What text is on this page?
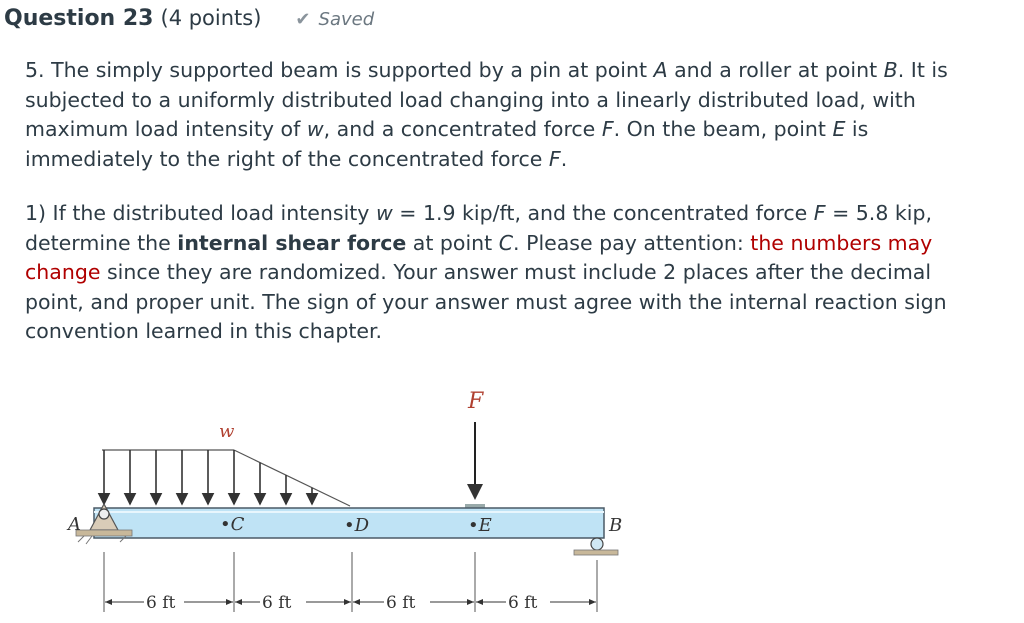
Question 23 (4 points) ✔ Saved

5. The simply supported beam is supported by a pin at point A and a roller at point B. It is subjected to a uniformly distributed load changing into a linearly distributed load, with maximum load intensity of w, and a concentrated force F. On the beam, point E is immediately to the right of the concentrated force F.

1) If the distributed load intensity w = 1.9 kip/ft, and the concentrated force F = 5.8 kip, determine the internal shear force at point C. Please pay attention: the numbers may change since they are randomized. Your answer must include 2 places after the decimal point, and proper unit. The sign of your answer must agree with the internal reaction sign convention learned in this chapter.

F
w
A	B
•C	•D	•E
6 ft	6 ft	6 ft	6 ft
